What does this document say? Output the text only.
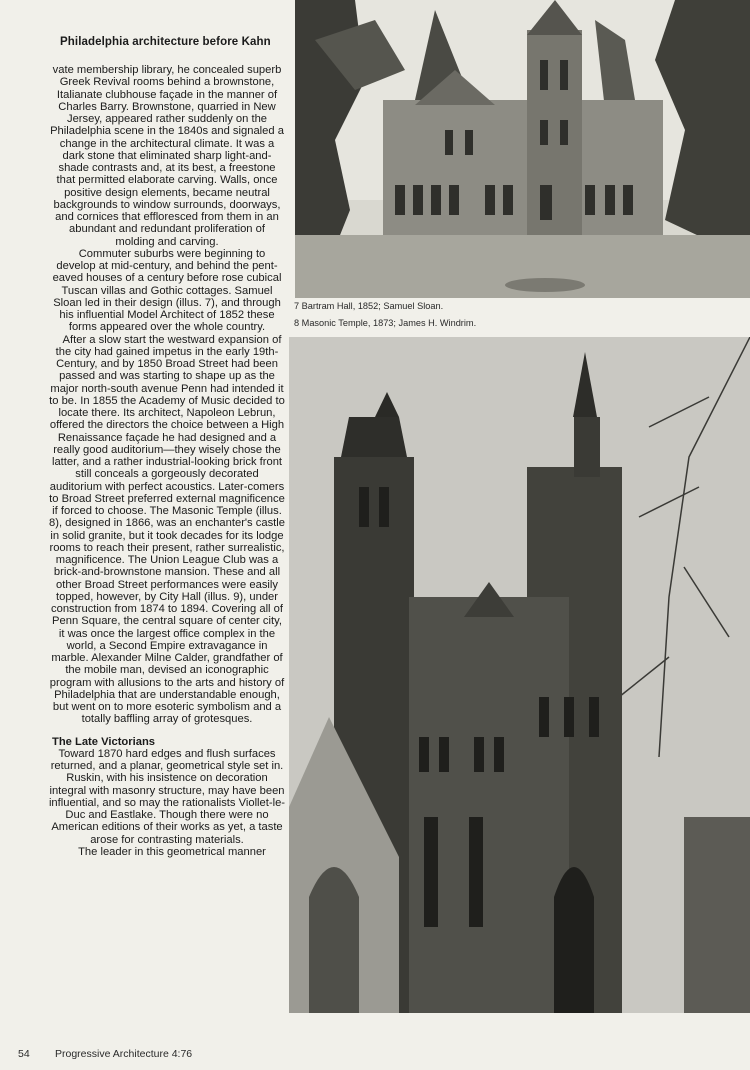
Philadelphia architecture before Kahn

vate membership library, he concealed superb Greek Revival rooms behind a brownstone, Italianate clubhouse façade in the manner of Charles Barry. Brownstone, quarried in New Jersey, appeared rather suddenly on the Philadelphia scene in the 1840s and signaled a change in the architectural climate. It was a dark stone that eliminated sharp light-and-shade contrasts and, at its best, a freestone that permitted elaborate carving. Walls, once positive design elements, became neutral backgrounds to window surrounds, doorways, and cornices that effloresced from them in an abundant and redundant proliferation of molding and carving.

Commuter suburbs were beginning to develop at mid-century, and behind the pent-eaved houses of a century before rose cubical Tuscan villas and Gothic cottages. Samuel Sloan led in their design (illus. 7), and through his influential Model Architect of 1852 these forms appeared over the whole country.

After a slow start the westward expansion of the city had gained impetus in the early 19th-Century, and by 1850 Broad Street had been passed and was starting to shape up as the major north-south avenue Penn had intended it to be. In 1855 the Academy of Music decided to locate there. Its architect, Napoleon Lebrun, offered the directors the choice between a High Renaissance façade he had designed and a really good auditorium—they wisely chose the latter, and a rather industrial-looking brick front still conceals a gorgeously decorated auditorium with perfect acoustics. Later-comers to Broad Street preferred external magnificence if forced to choose. The Masonic Temple (illus. 8), designed in 1866, was an enchanter's castle in solid granite, but it took decades for its lodge rooms to reach their present, rather surrealistic, magnificence. The Union League Club was a brick-and-brownstone mansion. These and all other Broad Street performances were easily topped, however, by City Hall (illus. 9), under construction from 1874 to 1894. Covering all of Penn Square, the central square of center city, it was once the largest office complex in the world, a Second Empire extravagance in marble. Alexander Milne Calder, grandfather of the mobile man, devised an iconographic program with allusions to the arts and history of Philadelphia that are understandable enough, but went on to more esoteric symbolism and a totally baffling array of grotesques.

The Late Victorians

Toward 1870 hard edges and flush surfaces returned, and a planar, geometrical style set in. Ruskin, with his insistence on decoration integral with masonry structure, may have been influential, and so may the rationalists Viollet-le-Duc and Eastlake. Though there were no American editions of their works as yet, a taste arose for contrasting materials.

The leader in this geometrical manner

7 Bartram Hall, 1852; Samuel Sloan.
8 Masonic Temple, 1873; James H. Windrim.
54 Progressive Architecture 4:76
